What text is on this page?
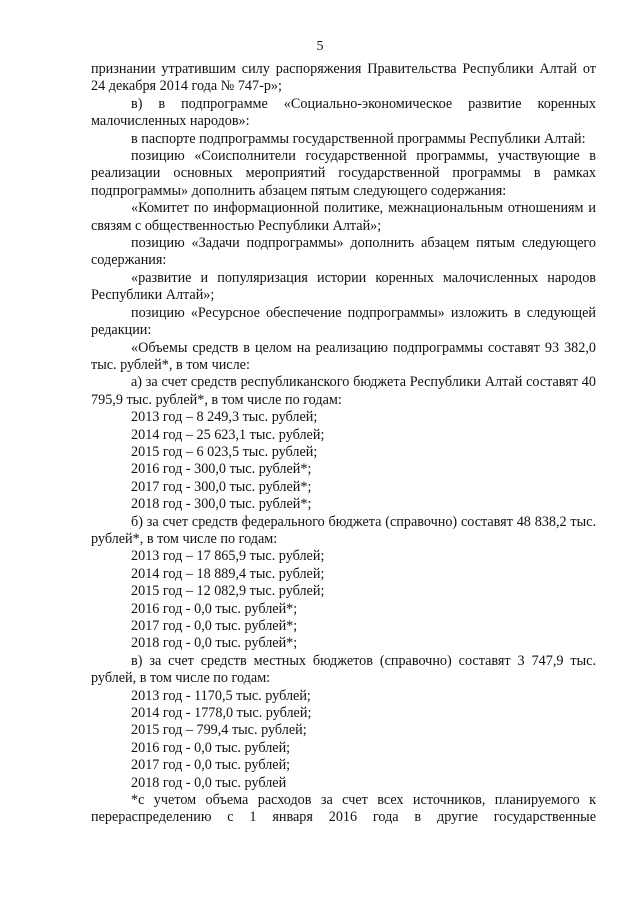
5

признании утратившим силу распоряжения Правительства Республики Алтай от 24 декабря 2014 года № 747-р»;

в) в подпрограмме «Социально-экономическое развитие коренных малочисленных народов»:

в паспорте подпрограммы государственной программы Республики Алтай:

позицию «Соисполнители государственной программы, участвующие в реализации основных мероприятий государственной программы в рамках подпрограммы» дополнить абзацем пятым следующего содержания:

«Комитет по информационной политике, межнациональным отношениям и связям с общественностью Республики Алтай»;

позицию «Задачи подпрограммы» дополнить абзацем пятым следующего содержания:

«развитие и популяризация истории коренных малочисленных народов Республики Алтай»;

позицию «Ресурсное обеспечение подпрограммы» изложить в следующей редакции:

«Объемы средств в целом на реализацию подпрограммы составят 93 382,0 тыс. рублей*, в том числе:

а) за счет средств республиканского бюджета Республики Алтай составят 40 795,9 тыс. рублей*, в том числе по годам:

2013 год – 8 249,3 тыс. рублей;
2014 год – 25 623,1 тыс. рублей;
2015 год – 6 023,5 тыс. рублей;
2016 год - 300,0 тыс. рублей*;
2017 год - 300,0 тыс. рублей*;
2018 год - 300,0 тыс. рублей*;

б) за счет средств федерального бюджета (справочно) составят 48 838,2 тыс. рублей*, в том числе по годам:

2013 год – 17 865,9 тыс. рублей;
2014 год – 18 889,4 тыс. рублей;
2015 год – 12 082,9 тыс. рублей;
2016 год - 0,0 тыс. рублей*;
2017 год - 0,0 тыс. рублей*;
2018 год - 0,0 тыс. рублей*;

в) за счет средств местных бюджетов (справочно) составят 3 747,9 тыс. рублей, в том числе по годам:

2013 год - 1170,5 тыс. рублей;
2014 год - 1778,0 тыс. рублей;
2015 год – 799,4 тыс. рублей;
2016 год - 0,0 тыс. рублей;
2017 год - 0,0 тыс. рублей;
2018 год - 0,0 тыс. рублей

*с учетом объема расходов за счет всех источников, планируемого к

перераспределению с 1 января 2016 года в другие государственные
